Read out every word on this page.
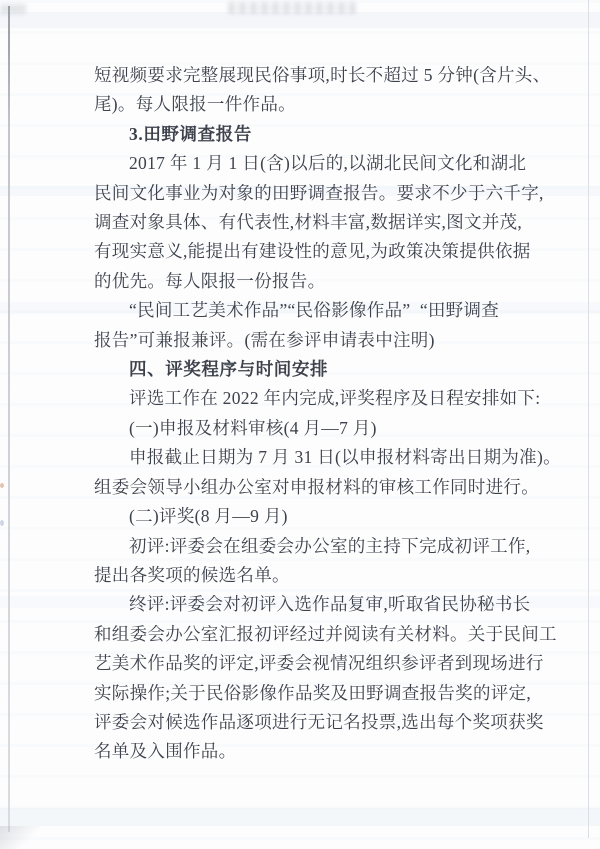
短视频要求完整展现民俗事项,时长不超过 5 分钟(含片头、
尾)。每人限报一件作品。
3.田野调查报告
2017 年 1 月 1 日(含)以后的,以湖北民间文化和湖北
民间文化事业为对象的田野调查报告。要求不少于六千字,
调查对象具体、有代表性,材料丰富,数据详实,图文并茂,
有现实意义,能提出有建设性的意见,为政策决策提供依据
的优先。每人限报一份报告。
“民间工艺美术作品”“民俗影像作品”  “田野调查
报告”可兼报兼评。(需在参评申请表中注明)
四、评奖程序与时间安排
评选工作在 2022 年内完成,评奖程序及日程安排如下:
(一)申报及材料审核(4 月—7 月)
申报截止日期为 7 月 31 日(以申报材料寄出日期为准)。
组委会领导小组办公室对申报材料的审核工作同时进行。
(二)评奖(8 月—9 月)
初评:评委会在组委会办公室的主持下完成初评工作,
提出各奖项的候选名单。
终评:评委会对初评入选作品复审,听取省民协秘书长
和组委会办公室汇报初评经过并阅读有关材料。关于民间工
艺美术作品奖的评定,评委会视情况组织参评者到现场进行
实际操作;关于民俗影像作品奖及田野调查报告奖的评定,
评委会对候选作品逐项进行无记名投票,选出每个奖项获奖
名单及入围作品。
